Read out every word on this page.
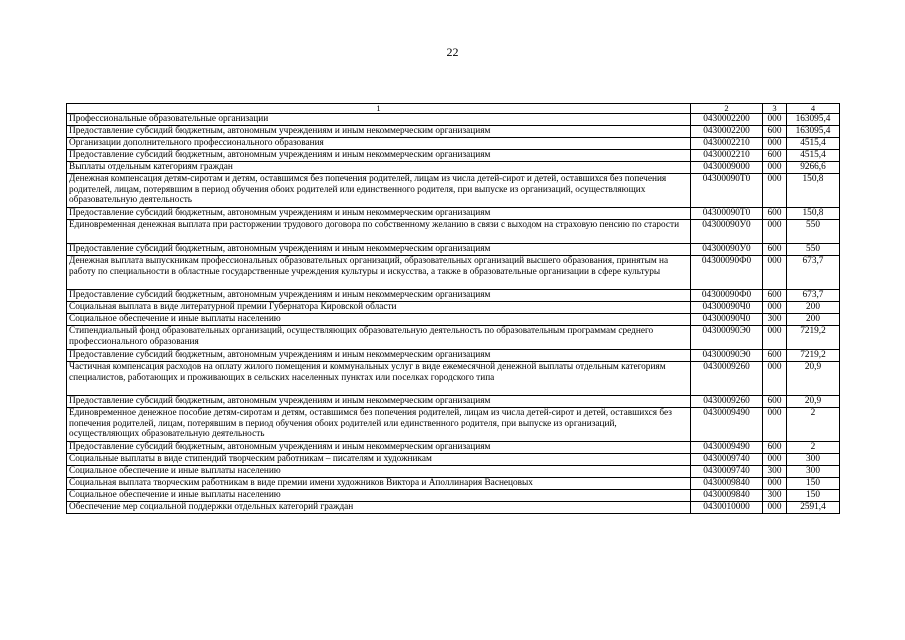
22
1	2	3	4
Профессиональные образовательные организации	0430002200	000	163095,4
Предоставление субсидий бюджетным, автономным учреждениям и иным некоммерческим организациям	0430002200	600	163095,4
Организации дополнительного профессионального образования	0430002210	000	4515,4
Предоставление субсидий бюджетным, автономным учреждениям и иным некоммерческим организациям	0430002210	600	4515,4
Выплаты отдельным категориям граждан	0430009000	000	9266,6
Денежная компенсация детям-сиротам и детям, оставшимся без попечения родителей, лицам из числа детей-сирот и детей, оставшихся без попечения родителей, лицам, потерявшим в период обучения обоих родителей или единственного родителя, при выпуске из организаций, осуществляющих образовательную деятельность	04300090Т0	000	150,8
Предоставление субсидий бюджетным, автономным учреждениям и иным некоммерческим организациям	04300090Т0	600	150,8
Единовременная денежная выплата при расторжении трудового договора по собственному желанию в связи с выходом на страховую пенсию по старости	04300090У0	000	550
Предоставление субсидий бюджетным, автономным учреждениям и иным некоммерческим организациям	04300090У0	600	550
Денежная выплата выпускникам профессиональных образовательных организаций, образовательных организаций высшего образования, принятым на работу по специальности в областные государственные учреждения культуры и искусства, а также в образовательные организации в сфере культуры	04300090Ф0	000	673,7
Предоставление субсидий бюджетным, автономным учреждениям и иным некоммерческим организациям	04300090Ф0	600	673,7
Социальная выплата в виде литературной премии Губернатора Кировской области	04300090Ч0	000	200
Социальное обеспечение и иные выплаты населению	04300090Ч0	300	200
Стипендиальный фонд образовательных организаций, осуществляющих образовательную деятельность по образовательным программам среднего профессионального образования	04300090Э0	000	7219,2
Предоставление субсидий бюджетным, автономным учреждениям и иным некоммерческим организациям	04300090Э0	600	7219,2
Частичная компенсация расходов на оплату жилого помещения и коммунальных услуг в виде ежемесячной денежной выплаты отдельным категориям специалистов, работающих и проживающих в сельских населенных пунктах или поселках городского типа	0430009260	000	20,9
Предоставление субсидий бюджетным, автономным учреждениям и иным некоммерческим организациям	0430009260	600	20,9
Единовременное денежное пособие детям-сиротам и детям, оставшимся без попечения родителей, лицам из числа детей-сирот и детей, оставшихся без попечения родителей, лицам, потерявшим в период обучения обоих родителей или единственного родителя, при выпуске из организаций, осуществляющих образовательную деятельность	0430009490	000	2
Предоставление субсидий бюджетным, автономным учреждениям и иным некоммерческим организациям	0430009490	600	2
Социальные выплаты в виде стипендий творческим работникам – писателям и художникам	0430009740	000	300
Социальное обеспечение и иные выплаты населению	0430009740	300	300
Социальная выплата творческим работникам в виде премии имени художников Виктора и Аполлинария Васнецовых	0430009840	000	150
Социальное обеспечение и иные выплаты населению	0430009840	300	150
Обеспечение мер социальной поддержки отдельных категорий граждан	0430010000	000	2591,4
